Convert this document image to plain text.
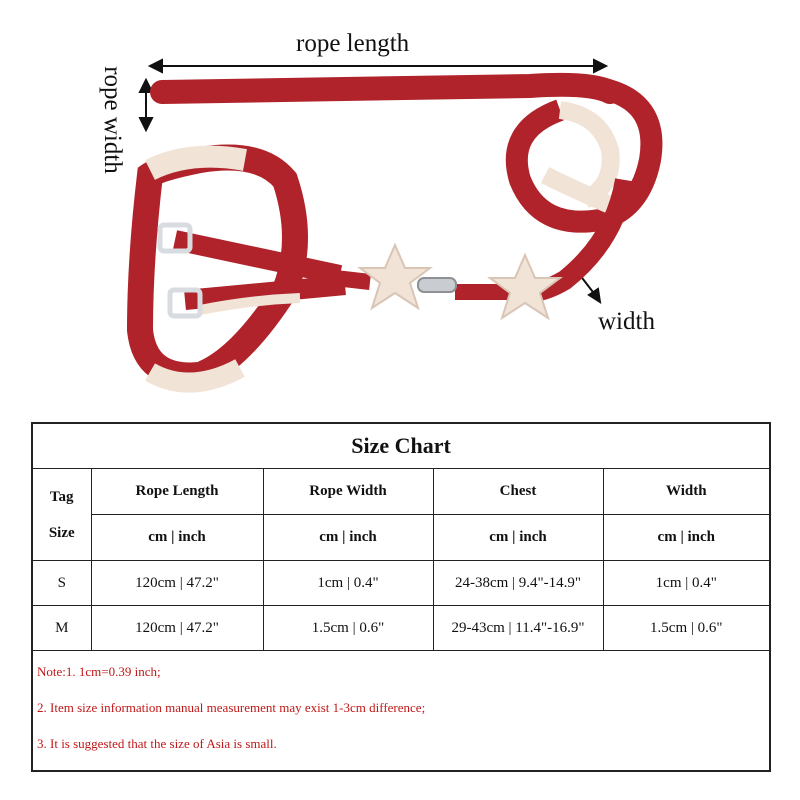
rope length
rope width
width
Size Chart				

Tag
Size	Rope Length	Rope Width	Chest	Width
	cm | inch	cm | inch	cm | inch	cm | inch
S	120cm | 47.2"	1cm | 0.4"	24-38cm | 9.4"-14.9"	1cm | 0.4"
M	120cm | 47.2"	1.5cm | 0.6"	29-43cm | 11.4"-16.9"	1.5cm | 0.6"
Note:1. 1cm=0.39 inch;
2. Item size information manual measurement may exist 1-3cm difference;
3. It is suggested that the size of Asia is small.
